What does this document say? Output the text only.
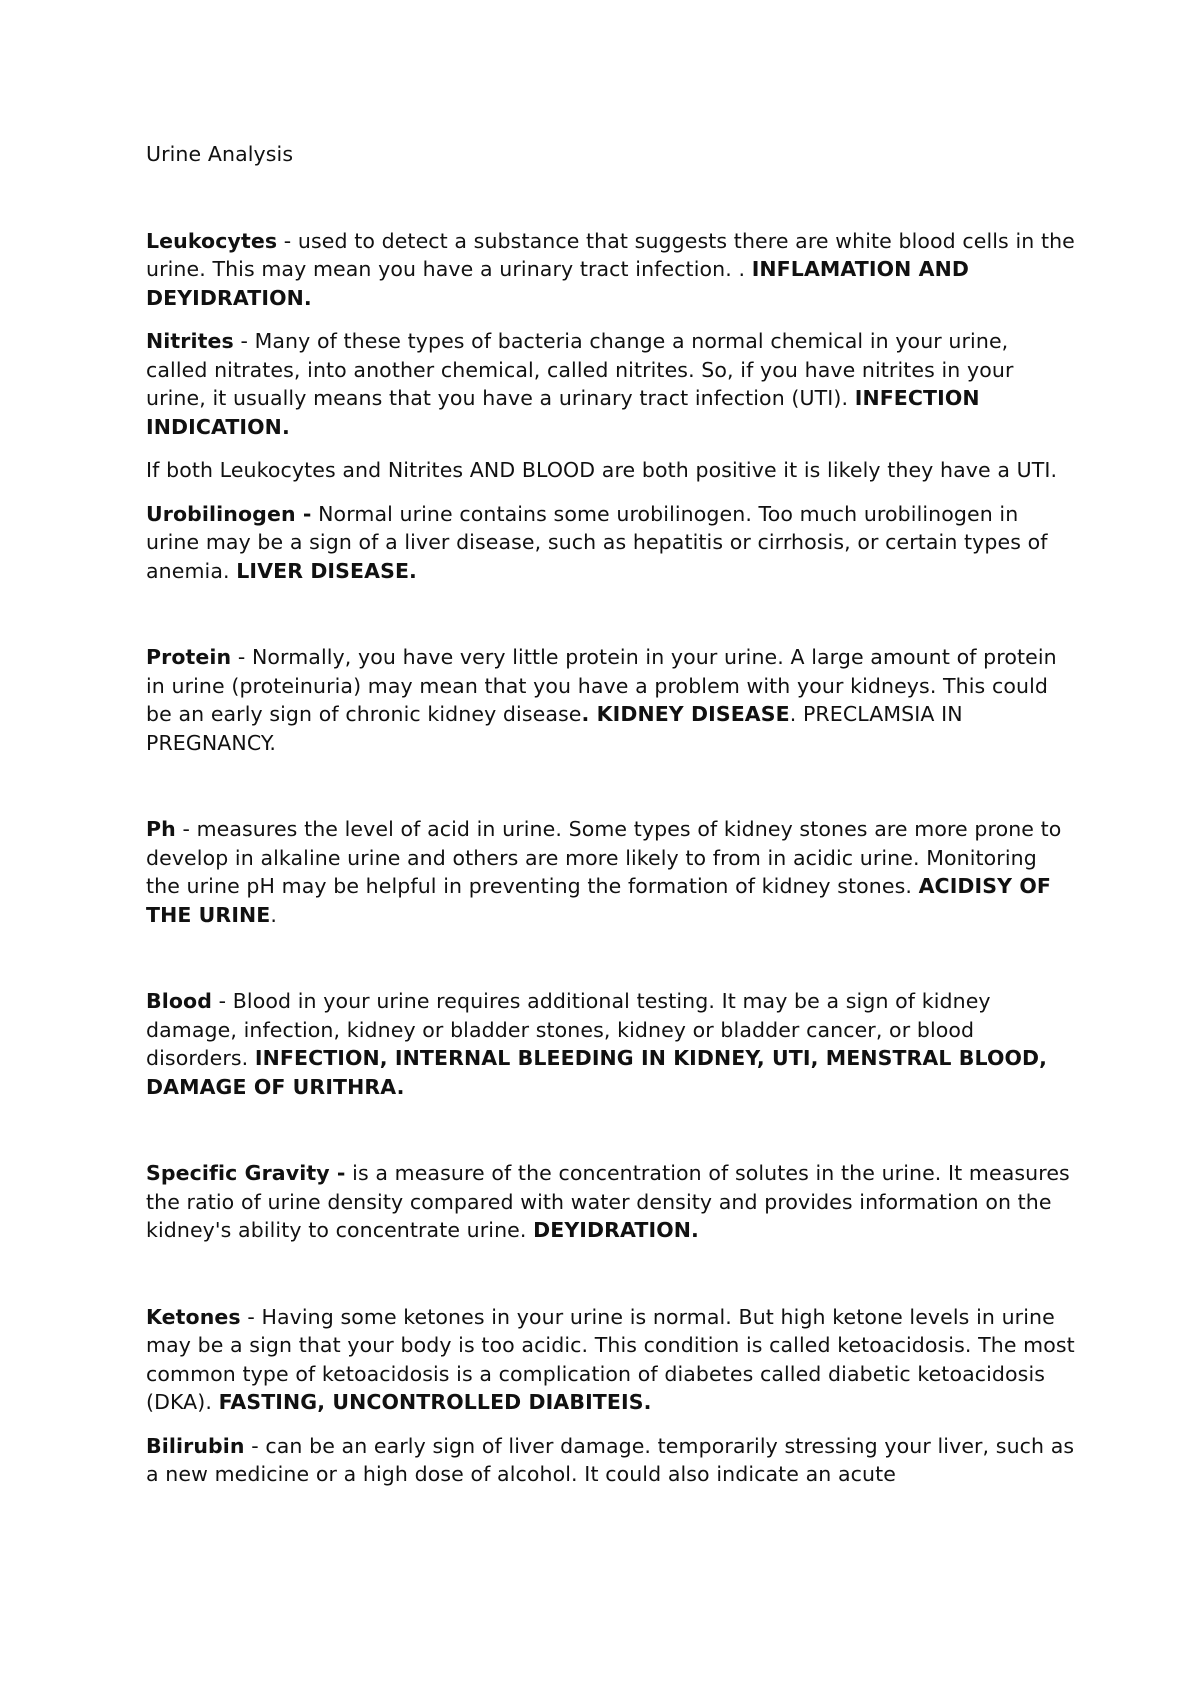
Urine Analysis

Leukocytes - used to detect a substance that suggests there are white blood cells in the urine. This may mean you have a urinary tract infection. . INFLAMATION AND DEYIDRATION.

Nitrites - Many of these types of bacteria change a normal chemical in your urine, called nitrates, into another chemical, called nitrites. So, if you have nitrites in your urine, it usually means that you have a urinary tract infection (UTI). INFECTION INDICATION.

If both Leukocytes and Nitrites AND BLOOD are both positive it is likely they have a UTI.

Urobilinogen - Normal urine contains some urobilinogen. Too much urobilinogen in urine may be a sign of a liver disease, such as hepatitis or cirrhosis, or certain types of anemia. LIVER DISEASE.

Protein - Normally, you have very little protein in your urine. A large amount of protein in urine (proteinuria) may mean that you have a problem with your kidneys. This could be an early sign of chronic kidney disease. KIDNEY DISEASE. PRECLAMSIA IN PREGNANCY.

Ph - measures the level of acid in urine. Some types of kidney stones are more prone to develop in alkaline urine and others are more likely to from in acidic urine. Monitoring the urine pH may be helpful in preventing the formation of kidney stones. ACIDISY OF THE URINE.

Blood - Blood in your urine requires additional testing. It may be a sign of kidney damage, infection, kidney or bladder stones, kidney or bladder cancer, or blood disorders. INFECTION, INTERNAL BLEEDING IN KIDNEY, UTI, MENSTRAL BLOOD, DAMAGE OF URITHRA.

Specific Gravity - is a measure of the concentration of solutes in the urine. It measures the ratio of urine density compared with water density and provides information on the kidney's ability to concentrate urine. DEYIDRATION.

Ketones - Having some ketones in your urine is normal. But high ketone levels in urine may be a sign that your body is too acidic. This condition is called ketoacidosis. The most common type of ketoacidosis is a complication of diabetes called diabetic ketoacidosis (DKA). FASTING, UNCONTROLLED DIABITEIS.

Bilirubin - can be an early sign of liver damage. temporarily stressing your liver, such as a new medicine or a high dose of alcohol. It could also indicate an acute
